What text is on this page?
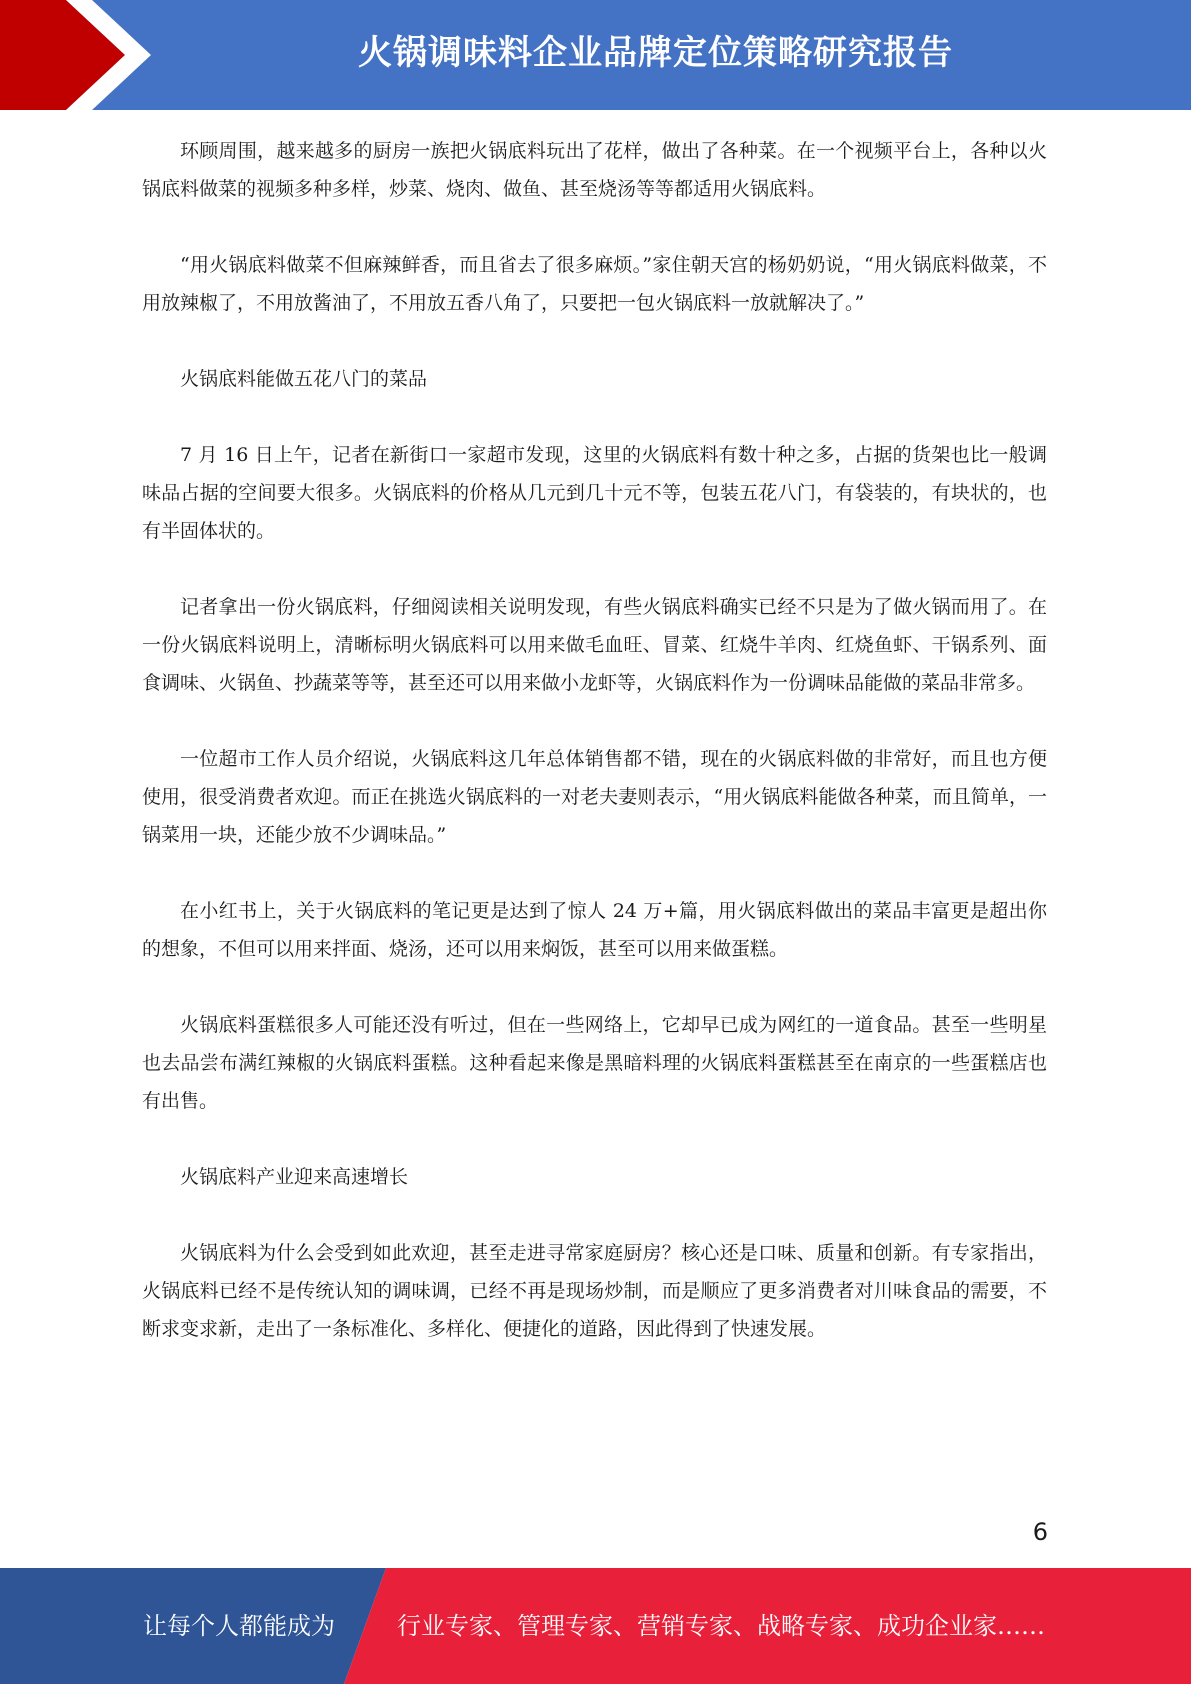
火锅调味料企业品牌定位策略研究报告

环顾周围，越来越多的厨房一族把火锅底料玩出了花样，做出了各种菜。在一个视频平台上，各种以火锅底料做菜的视频多种多样，炒菜、烧肉、做鱼、甚至烧汤等等都适用火锅底料。

“用火锅底料做菜不但麻辣鲜香，而且省去了很多麻烦。”家住朝天宫的杨奶奶说，“用火锅底料做菜，不用放辣椒了，不用放酱油了，不用放五香八角了，只要把一包火锅底料一放就解决了。”

火锅底料能做五花八门的菜品

7 月 16 日上午，记者在新街口一家超市发现，这里的火锅底料有数十种之多，占据的货架也比一般调味品占据的空间要大很多。火锅底料的价格从几元到几十元不等，包装五花八门，有袋装的，有块状的，也有半固体状的。

记者拿出一份火锅底料，仔细阅读相关说明发现，有些火锅底料确实已经不只是为了做火锅而用了。在一份火锅底料说明上，清晰标明火锅底料可以用来做毛血旺、冒菜、红烧牛羊肉、红烧鱼虾、干锅系列、面食调味、火锅鱼、抄蔬菜等等，甚至还可以用来做小龙虾等，火锅底料作为一份调味品能做的菜品非常多。

一位超市工作人员介绍说，火锅底料这几年总体销售都不错，现在的火锅底料做的非常好，而且也方便使用，很受消费者欢迎。而正在挑选火锅底料的一对老夫妻则表示，“用火锅底料能做各种菜，而且简单，一锅菜用一块，还能少放不少调味品。”

在小红书上，关于火锅底料的笔记更是达到了惊人 24 万+篇，用火锅底料做出的菜品丰富更是超出你的想象，不但可以用来拌面、烧汤，还可以用来焖饭，甚至可以用来做蛋糕。

火锅底料蛋糕很多人可能还没有听过，但在一些网络上，它却早已成为网红的一道食品。甚至一些明星也去品尝布满红辣椒的火锅底料蛋糕。这种看起来像是黑暗料理的火锅底料蛋糕甚至在南京的一些蛋糕店也有出售。

火锅底料产业迎来高速增长

火锅底料为什么会受到如此欢迎，甚至走进寻常家庭厨房？核心还是口味、质量和创新。有专家指出，火锅底料已经不是传统认知的调味调，已经不再是现场炒制，而是顺应了更多消费者对川味食品的需要，不断求变求新，走出了一条标准化、多样化、便捷化的道路，因此得到了快速发展。

6
让每个人都能成为	行业专家、管理专家、营销专家、战略专家、成功企业家……
